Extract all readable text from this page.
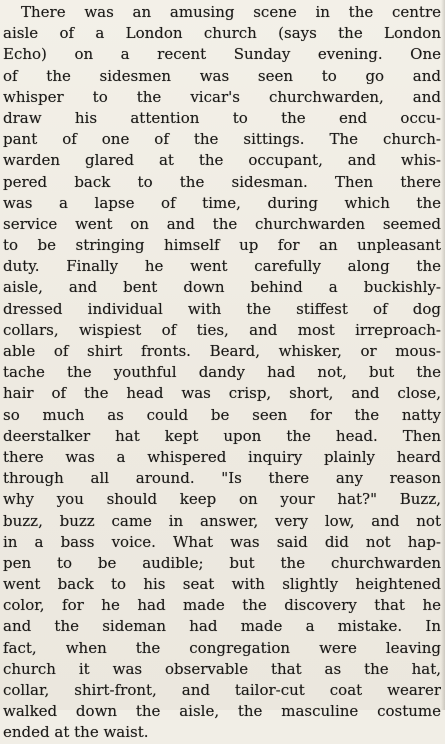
There was an amusing scene in the centre
aisle of a London church (says the London
Echo) on a recent Sunday evening. One
of the sidesmen was seen to go and
whisper to the vicar's churchwarden, and
draw his attention to the end occu-
pant of one of the sittings. The church-
warden glared at the occupant, and whis-
pered back to the sidesman. Then there
was a lapse of time, during which the
service went on and the churchwarden seemed
to be stringing himself up for an unpleasant
duty. Finally he went carefully along the
aisle, and bent down behind a buckishly-
dressed individual with the stiffest of dog
collars, wispiest of ties, and most irreproach-
able of shirt fronts. Beard, whisker, or mous-
tache the youthful dandy had not, but the
hair of the head was crisp, short, and close,
so much as could be seen for the natty
deerstalker hat kept upon the head. Then
there was a whispered inquiry plainly heard
through all around. "Is there any reason
why you should keep on your hat?" Buzz,
buzz, buzz came in answer, very low, and not
in a bass voice. What was said did not hap-
pen to be audible; but the churchwarden
went back to his seat with slightly heightened
color, for he had made the discovery that he
and the sideman had made a mistake. In
fact, when the congregation were leaving
church it was observable that as the hat,
collar, shirt-front, and tailor-cut coat wearer
walked down the aisle, the masculine costume
ended at the waist.
